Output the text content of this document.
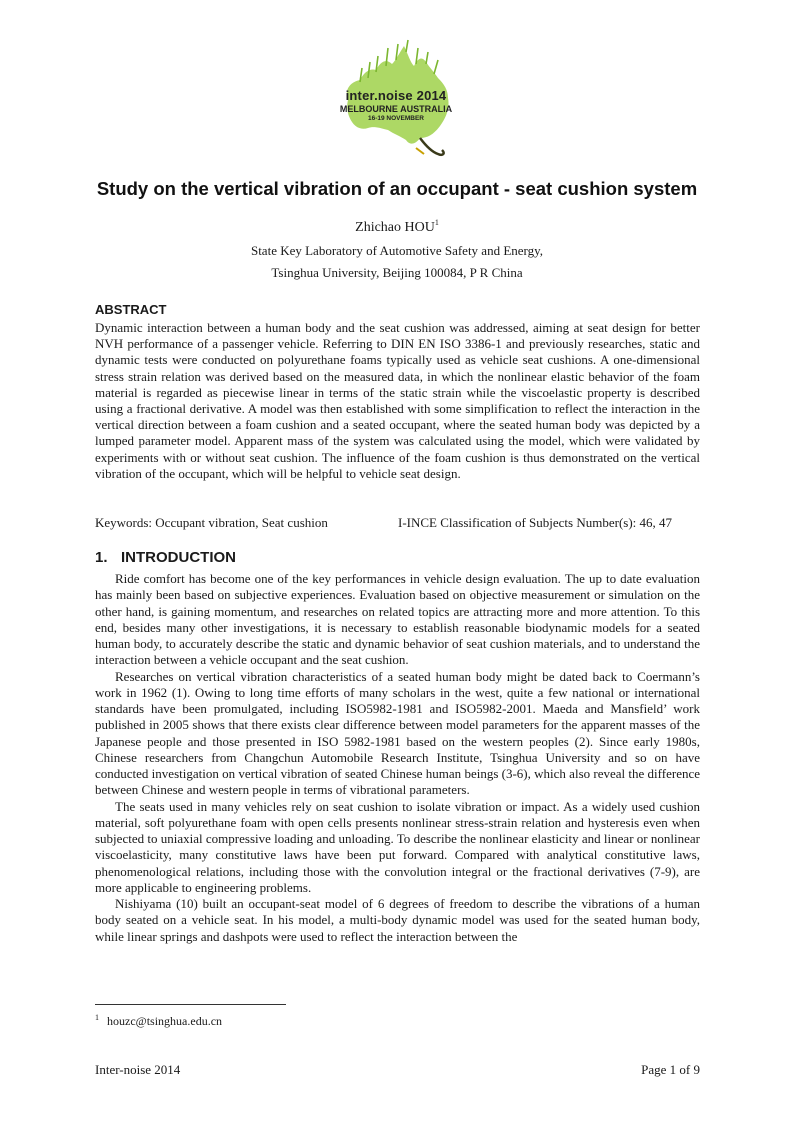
inter.noise 2014
MELBOURNE AUSTRALIA
16-19 NOVEMBER
Study on the vertical vibration of an occupant - seat cushion system
Zhichao HOU$^1$
State Key Laboratory of Automotive Safety and Energy,
Tsinghua University, Beijing 100084, P R China
ABSTRACT

Dynamic interaction between a human body and the seat cushion was addressed, aiming at seat design for better NVH performance of a passenger vehicle. Referring to DIN EN ISO 3386-1 and previously researches, static and dynamic tests were conducted on polyurethane foams typically used as vehicle seat cushions. A one-dimensional stress strain relation was derived based on the measured data, in which the nonlinear elastic behavior of the foam material is regarded as piecewise linear in terms of the static strain while the viscoelastic property is described using a fractional derivative. A model was then established with some simplification to reflect the interaction in the vertical direction between a foam cushion and a seated occupant, where the seated human body was depicted by a lumped parameter model. Apparent mass of the system was calculated using the model, which were validated by experiments with or without seat cushion. The influence of the foam cushion is thus demonstrated on the vertical vibration of the occupant, which will be helpful to vehicle seat design.

Keywords: Occupant vibration, Seat cushion	I-INCE Classification of Subjects Number(s): 46, 47
1. INTRODUCTION

Ride comfort has become one of the key performances in vehicle design evaluation. The up to date evaluation has mainly been based on subjective experiences. Evaluation based on objective measurement or simulation on the other hand, is gaining momentum, and researches on related topics are attracting more and more attention. To this end, besides many other investigations, it is necessary to establish reasonable biodynamic models for a seated human body, to accurately describe the static and dynamic behavior of seat cushion materials, and to understand the interaction between a vehicle occupant and the seat cushion.

Researches on vertical vibration characteristics of a seated human body might be dated back to Coermann’s work in 1962 (1). Owing to long time efforts of many scholars in the west, quite a few national or international standards have been promulgated, including ISO5982-1981 and ISO5982-2001. Maeda and Mansfield’ work published in 2005 shows that there exists clear difference between model parameters for the apparent masses of the Japanese people and those presented in ISO 5982-1981 based on the western peoples (2). Since early 1980s, Chinese researchers from Changchun Automobile Research Institute, Tsinghua University and so on have conducted investigation on vertical vibration of seated Chinese human beings (3-6), which also reveal the difference between Chinese and western people in terms of vibrational parameters.

The seats used in many vehicles rely on seat cushion to isolate vibration or impact. As a widely used cushion material, soft polyurethane foam with open cells presents nonlinear stress-strain relation and hysteresis even when subjected to uniaxial compressive loading and unloading. To describe the nonlinear elasticity and linear or nonlinear viscoelasticity, many constitutive laws have been put forward. Compared with analytical constitutive laws, phenomenological relations, including those with the convolution integral or the fractional derivatives (7-9), are more applicable to engineering problems.

Nishiyama (10) built an occupant-seat model of 6 degrees of freedom to describe the vibrations of a human body seated on a vehicle seat. In his model, a multi-body dynamic model was used for the seated human body, while linear springs and dashpots were used to reflect the interaction between the

$^1$ houzc@tsinghua.edu.cn
Inter-noise 2014	Page 1 of 9
